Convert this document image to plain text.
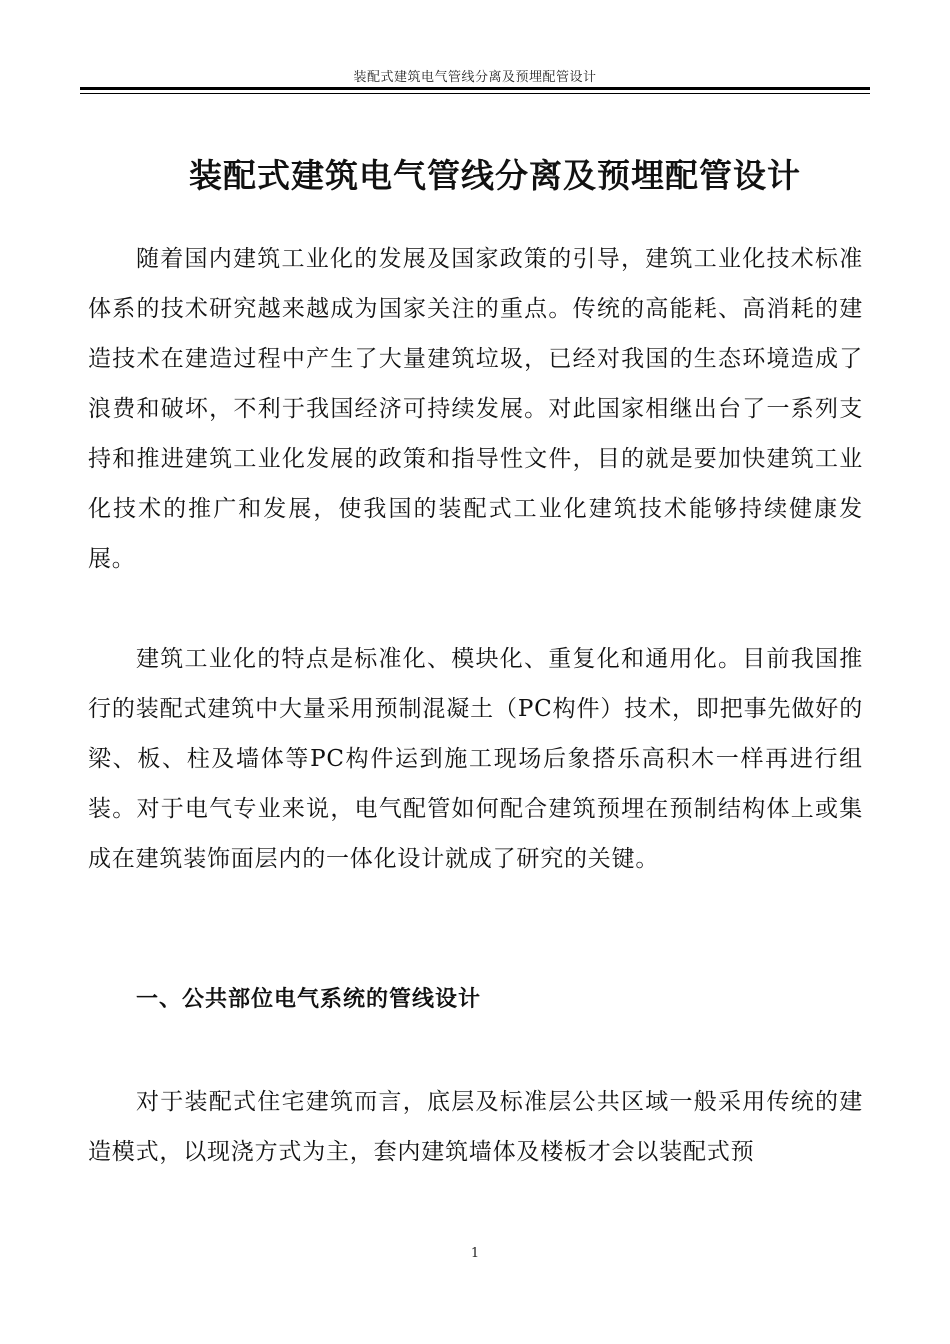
装配式建筑电气管线分离及预埋配管设计
装配式建筑电气管线分离及预埋配管设计

随着国内建筑工业化的发展及国家政策的引导，建筑工业化技术标准体系的技术研究越来越成为国家关注的重点。传统的高能耗、高消耗的建造技术在建造过程中产生了大量建筑垃圾，已经对我国的生态环境造成了浪费和破坏，不利于我国经济可持续发展。对此国家相继出台了一系列支持和推进建筑工业化发展的政策和指导性文件，目的就是要加快建筑工业化技术的推广和发展，使我国的装配式工业化建筑技术能够持续健康发展。

建筑工业化的特点是标准化、模块化、重复化和通用化。目前我国推行的装配式建筑中大量采用预制混凝土（PC构件）技术，即把事先做好的梁、板、柱及墙体等PC构件运到施工现场后象搭乐高积木一样再进行组装。对于电气专业来说，电气配管如何配合建筑预埋在预制结构体上或集成在建筑装饰面层内的一体化设计就成了研究的关键。

一、公共部位电气系统的管线设计

对于装配式住宅建筑而言，底层及标准层公共区域一般采用传统的建造模式，以现浇方式为主，套内建筑墙体及楼板才会以装配式预

1
